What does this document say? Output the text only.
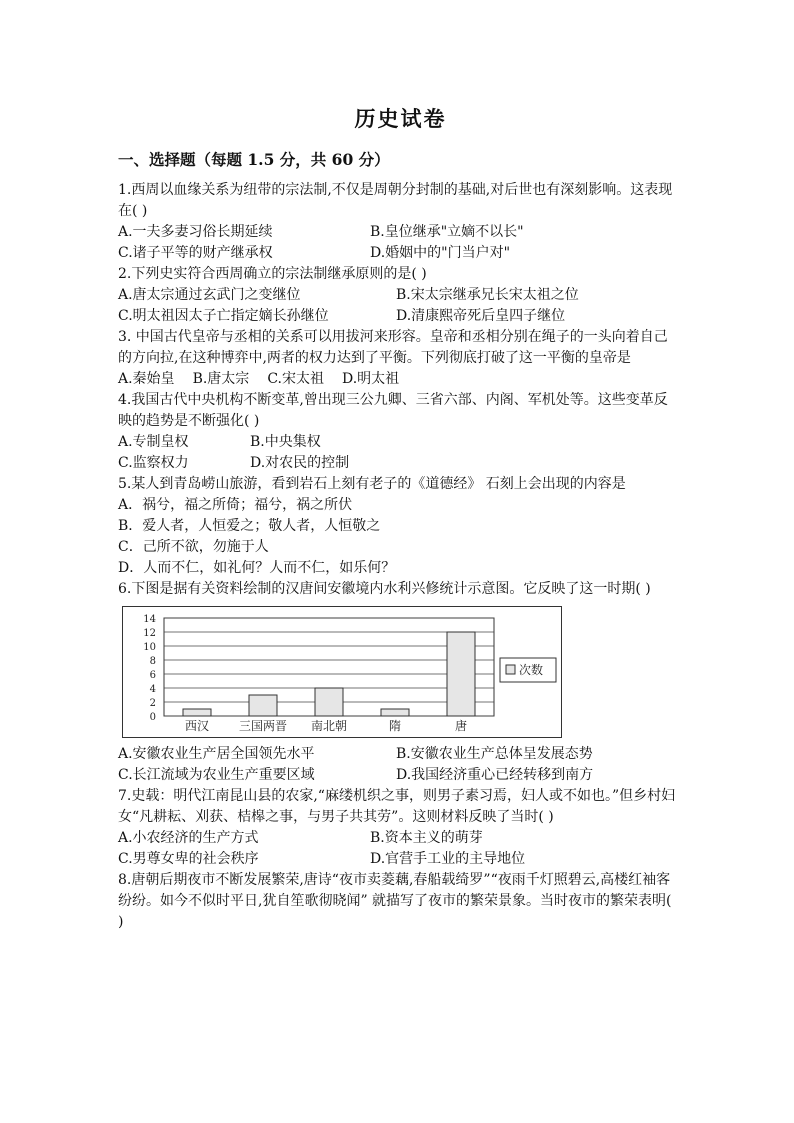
历史试卷
一、选择题（每题 1.5 分，共 60 分）
1.西周以血缘关系为纽带的宗法制,不仅是周朝分封制的基础,对后世也有深刻影响。这表现在( )
A.一夫多妻习俗长期延续	B.皇位继承"立嫡不以长"
C.诸子平等的财产继承权	D.婚姻中的"门当户对"
2.下列史实符合西周确立的宗法制继承原则的是( )
A.唐太宗通过玄武门之变继位	B.宋太宗继承兄长宋太祖之位
C.明太祖因太子亡指定嫡长孙继位	D.清康熙帝死后皇四子继位
3. 中国古代皇帝与丞相的关系可以用拔河来形容。皇帝和丞相分别在绳子的一头向着自己的方向拉,在这种博弈中,两者的权力达到了平衡。下列彻底打破了这一平衡的皇帝是
A.秦始皇 B.唐太宗 C.宋太祖 D.明太祖
4.我国古代中央机构不断变革,曾出现三公九卿、三省六部、内阁、军机处等。这些变革反映的趋势是不断强化( )
A.专制皇权	B.中央集权
C.监察权力	D.对农民的控制
5.某人到青岛崂山旅游，看到岩石上刻有老子的《道德经》 石刻上会出现的内容是
A．祸兮，福之所倚；福兮，祸之所伏
B．爱人者，人恒爱之；敬人者，人恒敬之
C．己所不欲，勿施于人
D．人而不仁，如礼何？人而不仁，如乐何？
6.下图是据有关资料绘制的汉唐间安徽境内水利兴修统计示意图。它反映了这一时期( )
0
2
4
6
8
10
12
14
西汉 三国两晋 南北朝	隋	唐
次数
A.安徽农业生产居全国领先水平	B.安徽农业生产总体呈发展态势
C.长江流域为农业生产重要区域	D.我国经济重心已经转移到南方
7.史载：明代江南昆山县的农家,“麻缕机织之事，则男子素习焉，妇人或不如也。”但乡村妇女“凡耕耘、刈获、桔槔之事，与男子共其劳”。这则材料反映了当时( )
A.小农经济的生产方式	B.资本主义的萌芽
C.男尊女卑的社会秩序	D.官营手工业的主导地位
8.唐朝后期夜市不断发展繁荣,唐诗“夜市卖菱藕,春船载绮罗”“夜雨千灯照碧云,高楼红袖客纷纷。如今不似时平日,犹自笙歌彻晓闻” 就描写了夜市的繁荣景象。当时夜市的繁荣表明( )
